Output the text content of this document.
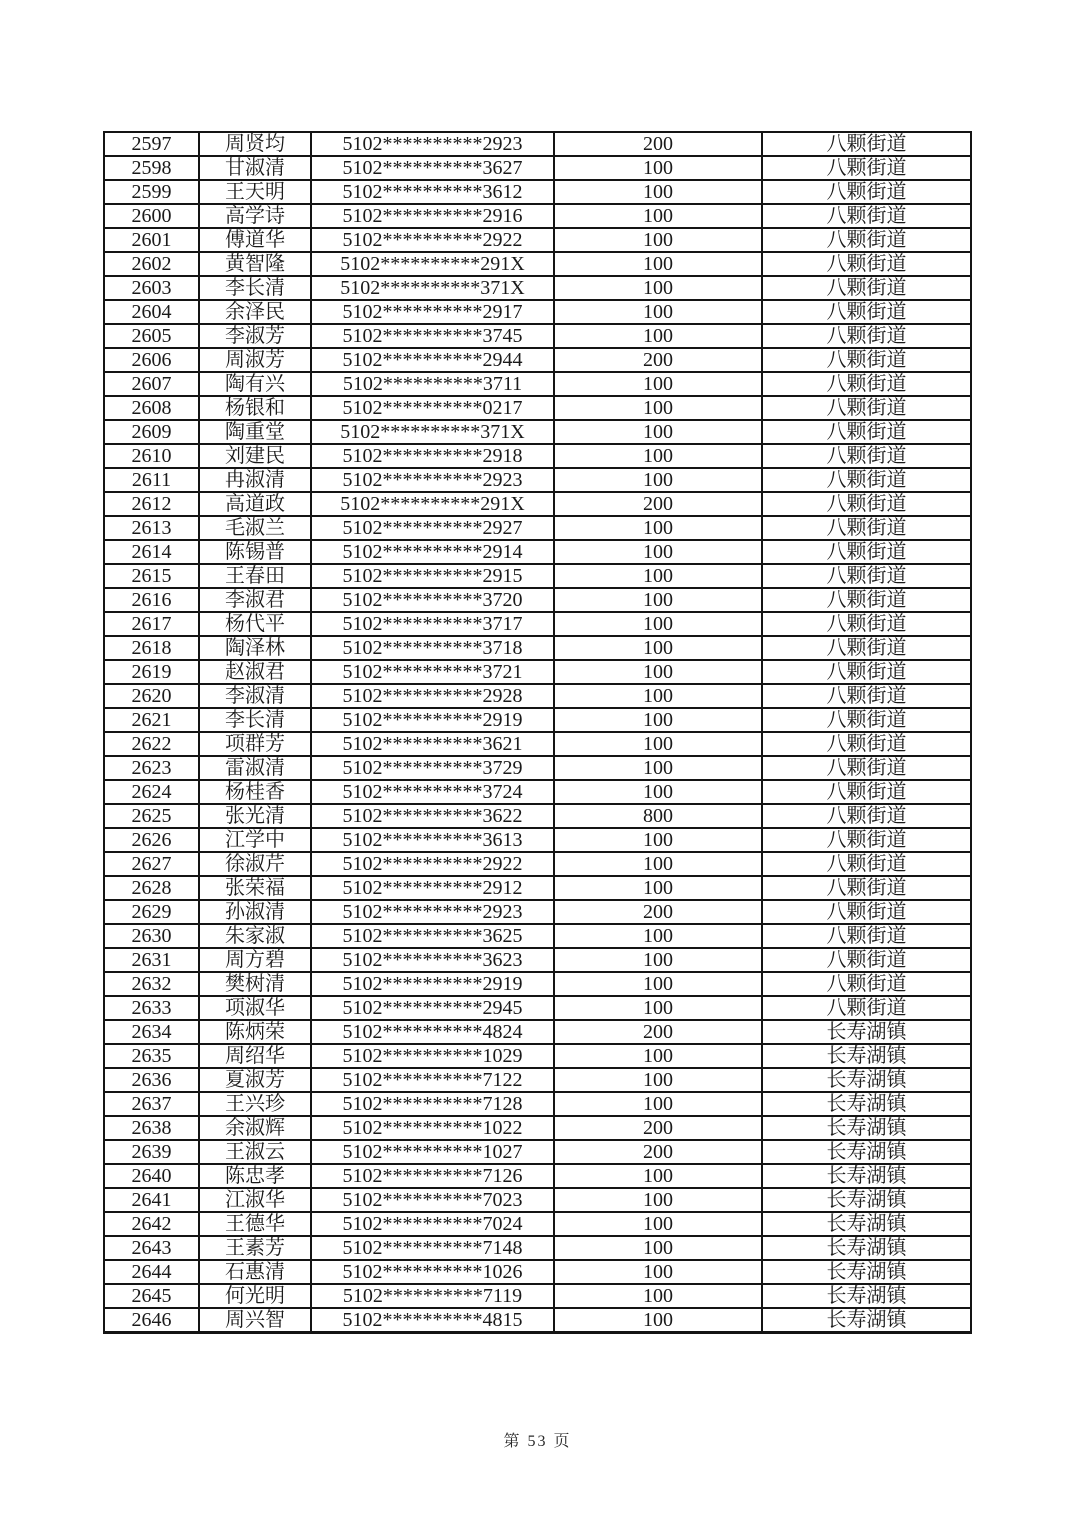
2597	周贤均	5102**********2923	200	八颗街道
2598	甘淑清	5102**********3627	100	八颗街道
2599	王天明	5102**********3612	100	八颗街道
2600	高学诗	5102**********2916	100	八颗街道
2601	傅道华	5102**********2922	100	八颗街道
2602	黄智隆	5102**********291X	100	八颗街道
2603	李长清	5102**********371X	100	八颗街道
2604	余泽民	5102**********2917	100	八颗街道
2605	李淑芳	5102**********3745	100	八颗街道
2606	周淑芳	5102**********2944	200	八颗街道
2607	陶有兴	5102**********3711	100	八颗街道
2608	杨银和	5102**********0217	100	八颗街道
2609	陶重堂	5102**********371X	100	八颗街道
2610	刘建民	5102**********2918	100	八颗街道
2611	冉淑清	5102**********2923	100	八颗街道
2612	高道政	5102**********291X	200	八颗街道
2613	毛淑兰	5102**********2927	100	八颗街道
2614	陈锡普	5102**********2914	100	八颗街道
2615	王春田	5102**********2915	100	八颗街道
2616	李淑君	5102**********3720	100	八颗街道
2617	杨代平	5102**********3717	100	八颗街道
2618	陶泽林	5102**********3718	100	八颗街道
2619	赵淑君	5102**********3721	100	八颗街道
2620	李淑清	5102**********2928	100	八颗街道
2621	李长清	5102**********2919	100	八颗街道
2622	项群芳	5102**********3621	100	八颗街道
2623	雷淑清	5102**********3729	100	八颗街道
2624	杨桂香	5102**********3724	100	八颗街道
2625	张光清	5102**********3622	800	八颗街道
2626	江学中	5102**********3613	100	八颗街道
2627	徐淑芹	5102**********2922	100	八颗街道
2628	张荣福	5102**********2912	100	八颗街道
2629	孙淑清	5102**********2923	200	八颗街道
2630	朱家淑	5102**********3625	100	八颗街道
2631	周方碧	5102**********3623	100	八颗街道
2632	樊树清	5102**********2919	100	八颗街道
2633	项淑华	5102**********2945	100	八颗街道
2634	陈炳荣	5102**********4824	200	长寿湖镇
2635	周绍华	5102**********1029	100	长寿湖镇
2636	夏淑芳	5102**********7122	100	长寿湖镇
2637	王兴珍	5102**********7128	100	长寿湖镇
2638	余淑辉	5102**********1022	200	长寿湖镇
2639	王淑云	5102**********1027	200	长寿湖镇
2640	陈忠孝	5102**********7126	100	长寿湖镇
2641	江淑华	5102**********7023	100	长寿湖镇
2642	王德华	5102**********7024	100	长寿湖镇
2643	王素芳	5102**********7148	100	长寿湖镇
2644	石惠清	5102**********1026	100	长寿湖镇
2645	何光明	5102**********7119	100	长寿湖镇
2646	周兴智	5102**********4815	100	长寿湖镇
第 53 页
